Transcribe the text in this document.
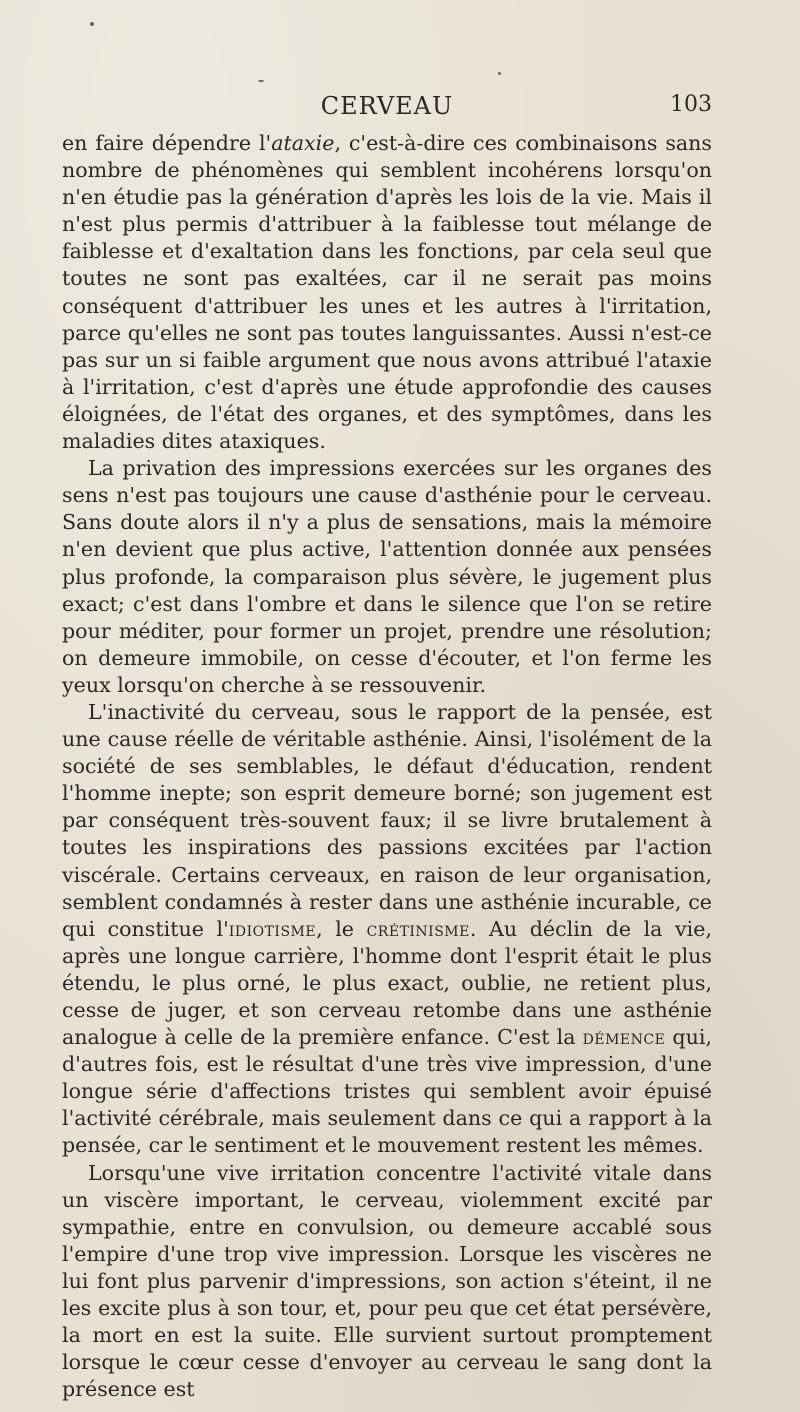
CERVEAU	103

en faire dépendre l'ataxie, c'est-à-dire ces combinaisons sans nombre de phénomènes qui semblent incohérens lorsqu'on n'en étudie pas la génération d'après les lois de la vie. Mais il n'est plus permis d'attribuer à la faiblesse tout mélange de faiblesse et d'exaltation dans les fonctions, par cela seul que toutes ne sont pas exaltées, car il ne serait pas moins conséquent d'attribuer les unes et les autres à l'irritation, parce qu'elles ne sont pas toutes languissantes. Aussi n'est-ce pas sur un si faible argument que nous avons attribué l'ataxie à l'irritation, c'est d'après une étude approfondie des causes éloignées, de l'état des organes, et des symptômes, dans les maladies dites ataxiques.

La privation des impressions exercées sur les organes des sens n'est pas toujours une cause d'asthénie pour le cerveau. Sans doute alors il n'y a plus de sensations, mais la mémoire n'en devient que plus active, l'attention donnée aux pensées plus profonde, la comparaison plus sévère, le jugement plus exact; c'est dans l'ombre et dans le silence que l'on se retire pour méditer, pour former un projet, prendre une résolution; on demeure immobile, on cesse d'écouter, et l'on ferme les yeux lorsqu'on cherche à se ressouvenir.

L'inactivité du cerveau, sous le rapport de la pensée, est une cause réelle de véritable asthénie. Ainsi, l'isolément de la société de ses semblables, le défaut d'éducation, rendent l'homme inepte; son esprit demeure borné; son jugement est par conséquent très-souvent faux; il se livre brutalement à toutes les inspirations des passions excitées par l'action viscérale. Certains cerveaux, en raison de leur organisation, semblent condamnés à rester dans une asthénie incurable, ce qui constitue l'idiotisme, le crétinisme. Au déclin de la vie, après une longue carrière, l'homme dont l'esprit était le plus étendu, le plus orné, le plus exact, oublie, ne retient plus, cesse de juger, et son cerveau retombe dans une asthénie analogue à celle de la première enfance. C'est la démence qui, d'autres fois, est le résultat d'une très vive impression, d'une longue série d'affections tristes qui semblent avoir épuisé l'activité cérébrale, mais seulement dans ce qui a rapport à la pensée, car le sentiment et le mouvement restent les mêmes.

Lorsqu'une vive irritation concentre l'activité vitale dans un viscère important, le cerveau, violemment excité par sympathie, entre en convulsion, ou demeure accablé sous l'empire d'une trop vive impression. Lorsque les viscères ne lui font plus parvenir d'impressions, son action s'éteint, il ne les excite plus à son tour, et, pour peu que cet état persévère, la mort en est la suite. Elle survient surtout promptement lorsque le cœur cesse d'envoyer au cerveau le sang dont la présence est
